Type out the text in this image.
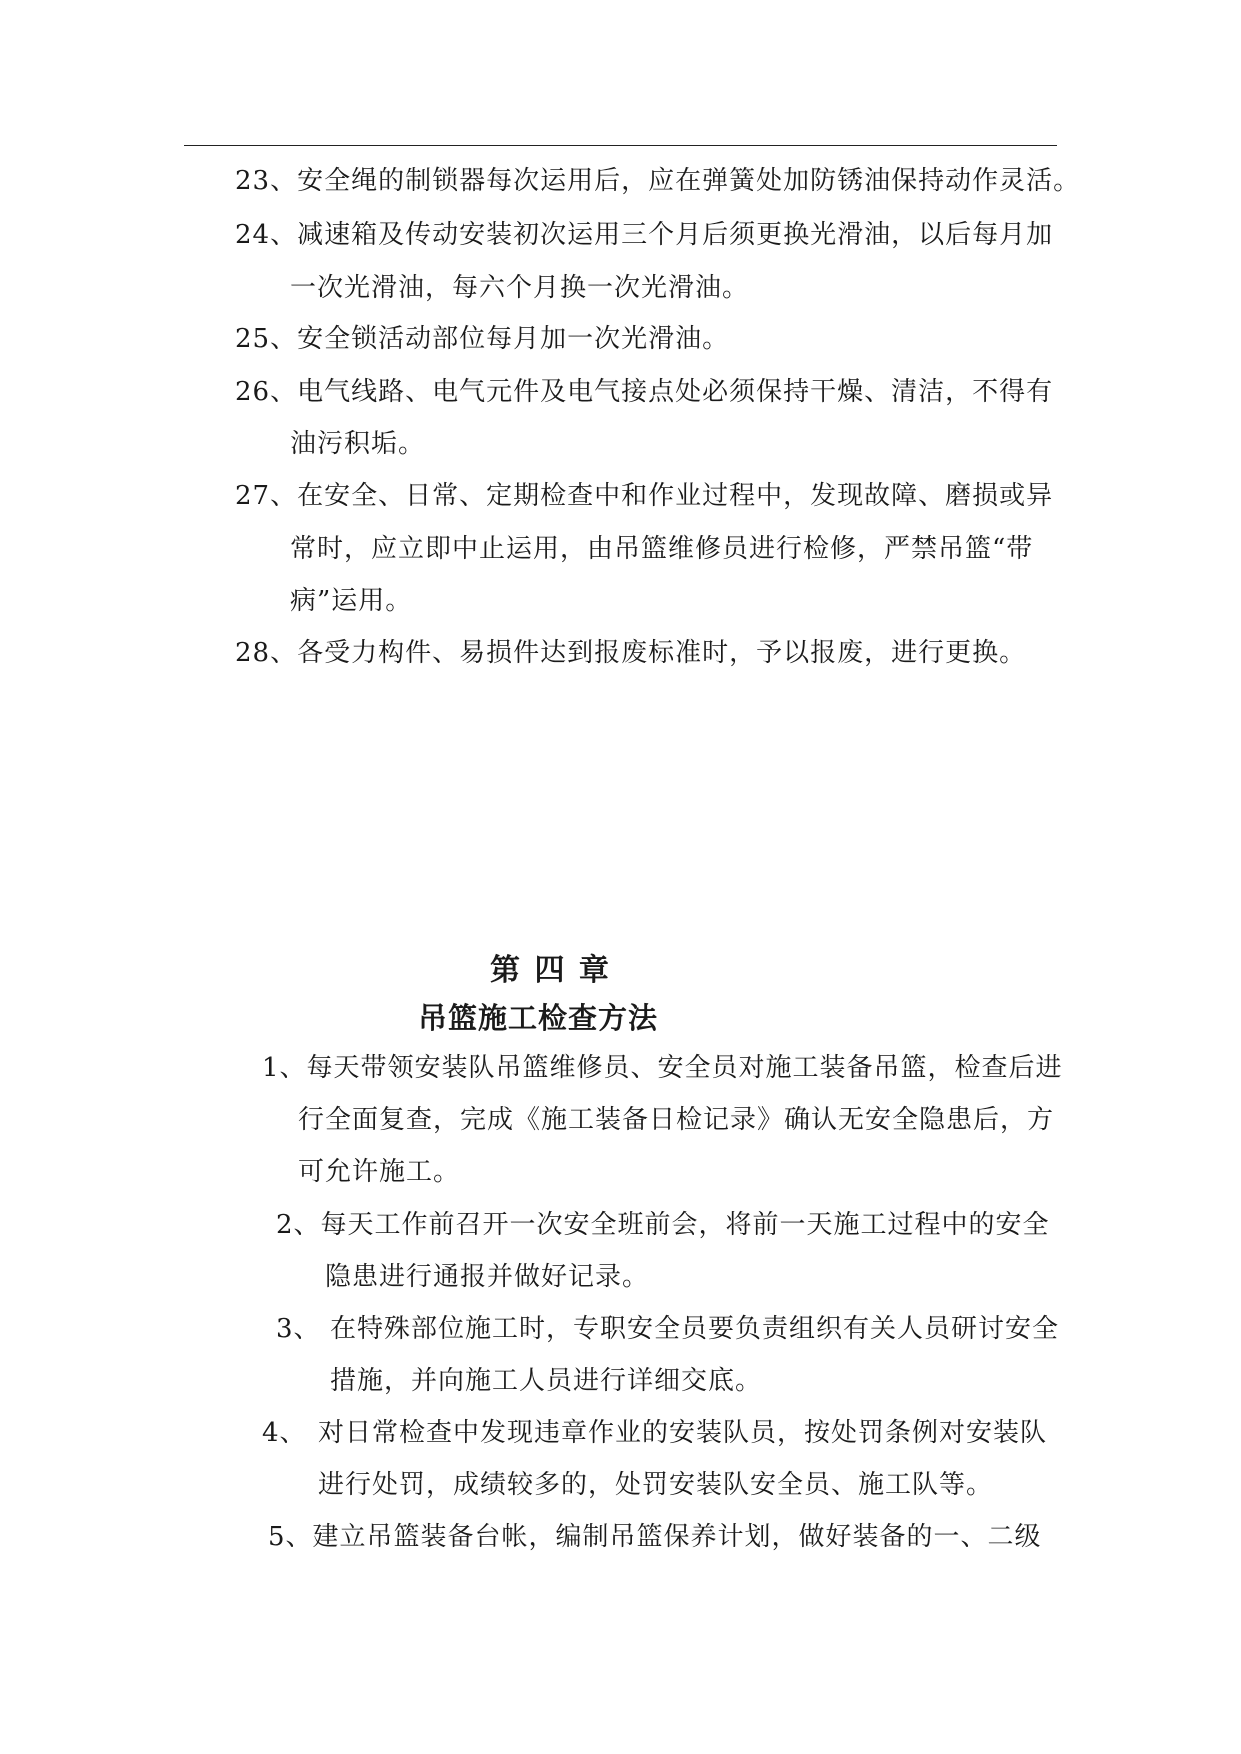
23、安全绳的制锁器每次运用后，应在弹簧处加防锈油保持动作灵活。
24、减速箱及传动安装初次运用三个月后须更换光滑油，以后每月加
一次光滑油，每六个月换一次光滑油。
25、安全锁活动部位每月加一次光滑油。
26、电气线路、电气元件及电气接点处必须保持干燥、清洁，不得有
油污积垢。
27、在安全、日常、定期检查中和作业过程中，发现故障、磨损或异
常时，应立即中止运用，由吊篮维修员进行检修，严禁吊篮“带
病”运用。
28、各受力构件、易损件达到报废标准时，予以报废，进行更换。
第 四 章
吊篮施工检查方法
1、每天带领安装队吊篮维修员、安全员对施工装备吊篮，检查后进
行全面复查，完成《施工装备日检记录》确认无安全隐患后，方
可允许施工。
2、每天工作前召开一次安全班前会，将前一天施工过程中的安全
隐患进行通报并做好记录。
3、 在特殊部位施工时，专职安全员要负责组织有关人员研讨安全
措施，并向施工人员进行详细交底。
4、 对日常检查中发现违章作业的安装队员，按处罚条例对安装队
进行处罚，成绩较多的，处罚安装队安全员、施工队等。
5、建立吊篮装备台帐，编制吊篮保养计划，做好装备的一、二级
